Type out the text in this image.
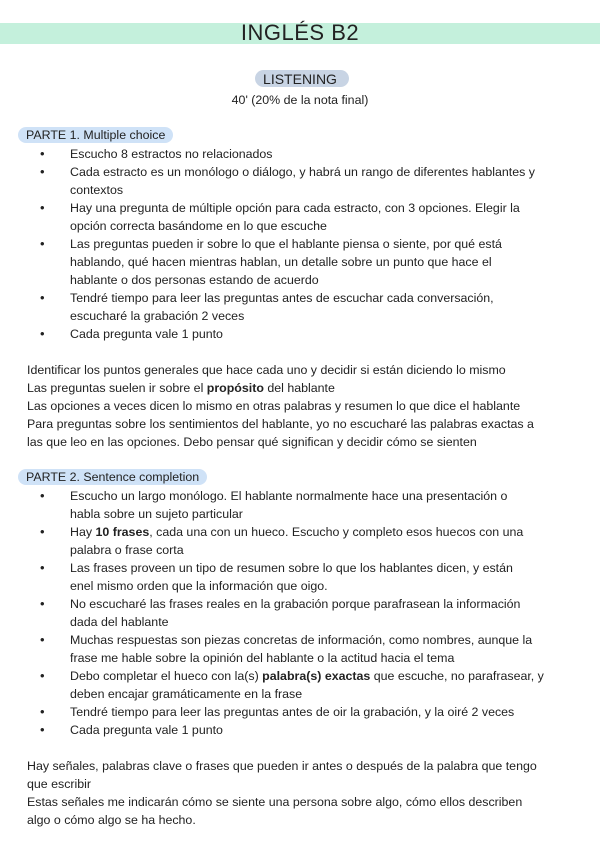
INGLÉS B2
LISTENING
40' (20% de la nota final)
PARTE 1. Multiple choice
• Escucho 8 estractos no relacionados
• Cada estracto es un monólogo o diálogo, y habrá un rango de diferentes hablantes y
contextos
• Hay una pregunta de múltiple opción para cada estracto, con 3 opciones. Elegir la
opción correcta basándome en lo que escuche
• Las preguntas pueden ir sobre lo que el hablante piensa o siente, por qué está
hablando, qué hacen mientras hablan, un detalle sobre un punto que hace el
hablante o dos personas estando de acuerdo
• Tendré tiempo para leer las preguntas antes de escuchar cada conversación,
escucharé la grabación 2 veces
• Cada pregunta vale 1 punto
Identificar los puntos generales que hace cada uno y decidir si están diciendo lo mismo
Las preguntas suelen ir sobre el propósito del hablante
Las opciones a veces dicen lo mismo en otras palabras y resumen lo que dice el hablante
Para preguntas sobre los sentimientos del hablante, yo no escucharé las palabras exactas a
las que leo en las opciones. Debo pensar qué significan y decidir cómo se sienten
PARTE 2. Sentence completion
• Escucho un largo monólogo. El hablante normalmente hace una presentación o
habla sobre un sujeto particular
• Hay 10 frases, cada una con un hueco. Escucho y completo esos huecos con una
palabra o frase corta
• Las frases proveen un tipo de resumen sobre lo que los hablantes dicen, y están
enel mismo orden que la información que oigo.
• No escucharé las frases reales en la grabación porque parafrasean la información
dada del hablante
• Muchas respuestas son piezas concretas de información, como nombres, aunque la
frase me hable sobre la opinión del hablante o la actitud hacia el tema
• Debo completar el hueco con la(s) palabra(s) exactas que escuche, no parafrasear, y
deben encajar gramáticamente en la frase
• Tendré tiempo para leer las preguntas antes de oir la grabación, y la oiré 2 veces
• Cada pregunta vale 1 punto
Hay señales, palabras clave o frases que pueden ir antes o después de la palabra que tengo
que escribir
Estas señales me indicarán cómo se siente una persona sobre algo, cómo ellos describen
algo o cómo algo se ha hecho.
